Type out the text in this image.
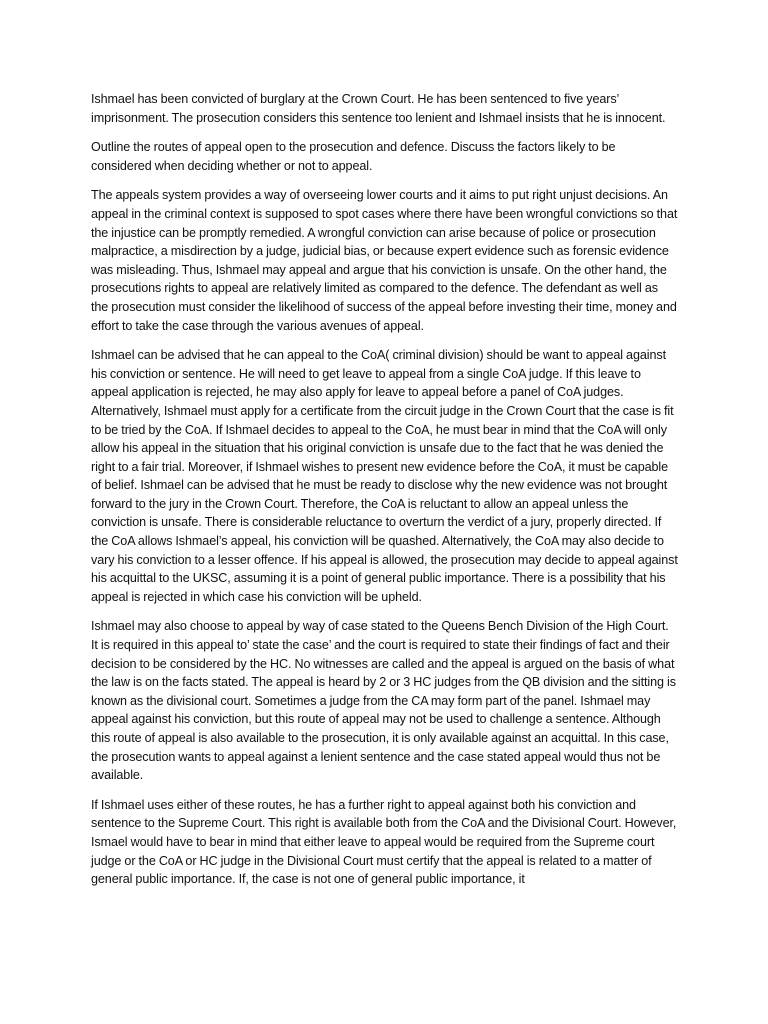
Ishmael has been convicted of burglary at the Crown Court. He has been sentenced to five years’ imprisonment. The prosecution considers this sentence too lenient and Ishmael insists that he is innocent.

Outline the routes of appeal open to the prosecution and defence. Discuss the factors likely to be considered when deciding whether or not to appeal.

The appeals system provides a way of overseeing lower courts and it aims to put right unjust decisions. An appeal in the criminal context is supposed to spot cases where there have been wrongful convictions so that the injustice can be promptly remedied. A wrongful conviction can arise because of police or prosecution malpractice, a misdirection by a judge, judicial bias, or because expert evidence such as forensic evidence was misleading. Thus, Ishmael may appeal and argue that his conviction is unsafe. On the other hand, the prosecutions rights to appeal are relatively limited as compared to the defence. The defendant as well as the prosecution must consider the likelihood of success of the appeal before investing their time, money and effort to take the case through the various avenues of appeal.

Ishmael can be advised that he can appeal to the CoA( criminal division) should be want to appeal against his conviction or sentence. He will need to get leave to appeal from a single CoA judge. If this leave to appeal application is rejected, he may also apply for leave to appeal before a panel of CoA judges. Alternatively, Ishmael must apply for a certificate from the circuit judge in the Crown Court that the case is fit to be tried by the CoA. If Ishmael decides to appeal to the CoA, he must bear in mind that the CoA will only allow his appeal in the situation that his original conviction is unsafe due to the fact that he was denied the right to a fair trial. Moreover, if Ishmael wishes to present new evidence before the CoA, it must be capable of belief. Ishmael can be advised that he must be ready to disclose why the new evidence was not brought forward to the jury in the Crown Court. Therefore, the CoA is reluctant to allow an appeal unless the conviction is unsafe. There is considerable reluctance to overturn the verdict of a jury, properly directed. If the CoA allows Ishmael’s appeal, his conviction will be quashed. Alternatively, the CoA may also decide to vary his conviction to a lesser offence. If his appeal is allowed, the prosecution may decide to appeal against his acquittal to the UKSC, assuming it is a point of general public importance. There is a possibility that his appeal is rejected in which case his conviction will be upheld.

Ishmael may also choose to appeal by way of case stated to the Queens Bench Division of the High Court. It is required in this appeal to’ state the case’ and the court is required to state their findings of fact and their decision to be considered by the HC. No witnesses are called and the appeal is argued on the basis of what the law is on the facts stated. The appeal is heard by 2 or 3 HC judges from the QB division and the sitting is known as the divisional court. Sometimes a judge from the CA may form part of the panel. Ishmael may appeal against his conviction, but this route of appeal may not be used to challenge a sentence. Although this route of appeal is also available to the prosecution, it is only available against an acquittal. In this case, the prosecution wants to appeal against a lenient sentence and the case stated appeal would thus not be available.

If Ishmael uses either of these routes, he has a further right to appeal against both his conviction and sentence to the Supreme Court. This right is available both from the CoA and the Divisional Court. However, Ismael would have to bear in mind that either leave to appeal would be required from the Supreme court judge or the CoA or HC judge in the Divisional Court must certify that the appeal is related to a matter of general public importance. If, the case is not one of general public importance, it
